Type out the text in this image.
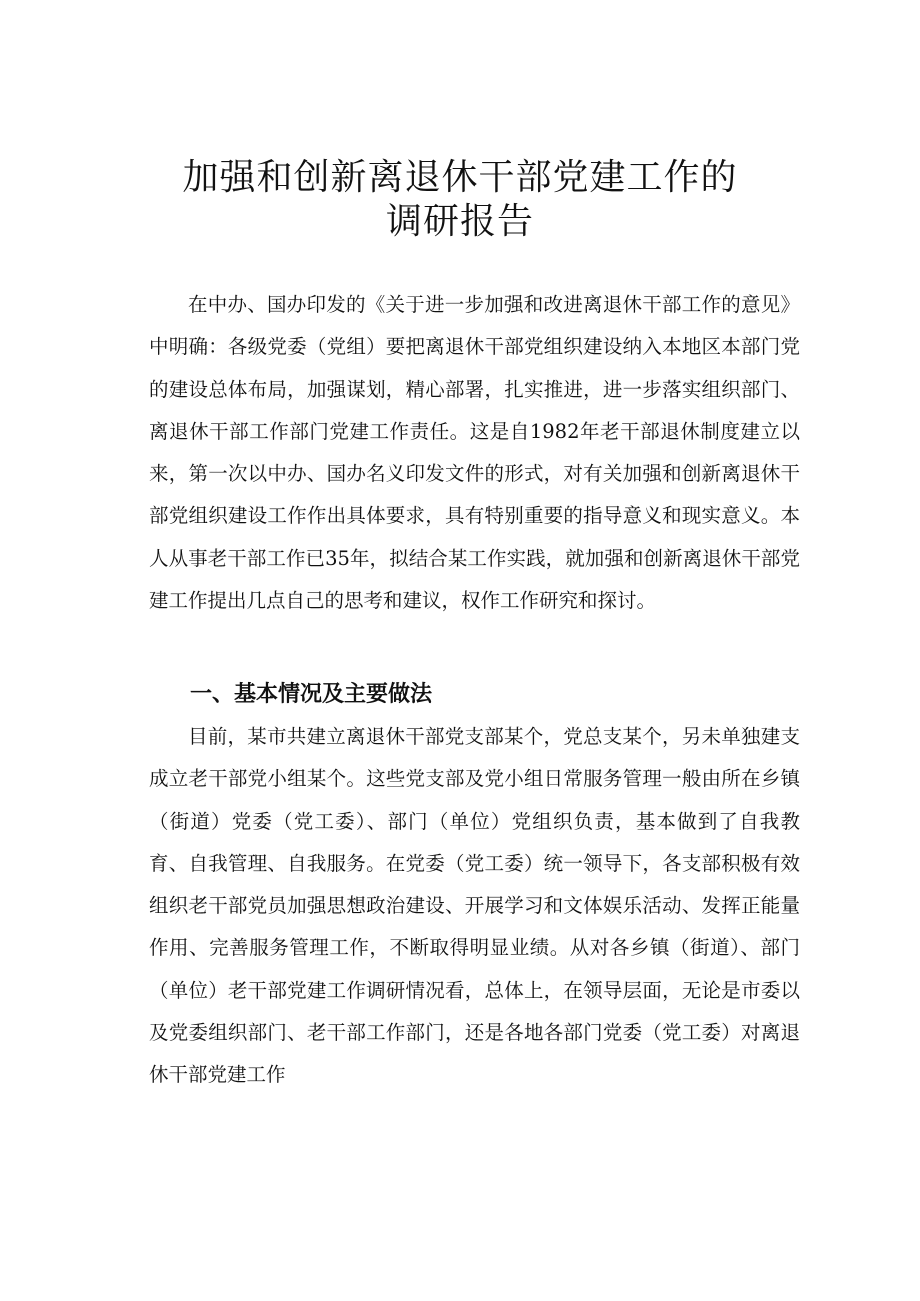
加强和创新离退休干部党建工作的
调研报告

在中办、国办印发的《关于进一步加强和改进离退休干部工作的意见》中明确：各级党委（党组）要把离退休干部党组织建设纳入本地区本部门党的建设总体布局，加强谋划，精心部署，扎实推进，进一步落实组织部门、离退休干部工作部门党建工作责任。这是自1982年老干部退休制度建立以来，第一次以中办、国办名义印发文件的形式，对有关加强和创新离退休干部党组织建设工作作出具体要求，具有特别重要的指导意义和现实意义。本人从事老干部工作已35年，拟结合某工作实践，就加强和创新离退休干部党建工作提出几点自己的思考和建议，权作工作研究和探讨。

一、基本情况及主要做法

目前，某市共建立离退休干部党支部某个，党总支某个，另未单独建支成立老干部党小组某个。这些党支部及党小组日常服务管理一般由所在乡镇（街道）党委（党工委）、部门（单位）党组织负责，基本做到了自我教育、自我管理、自我服务。在党委（党工委）统一领导下，各支部积极有效组织老干部党员加强思想政治建设、开展学习和文体娱乐活动、发挥正能量作用、完善服务管理工作，不断取得明显业绩。从对各乡镇（街道）、部门（单位）老干部党建工作调研情况看，总体上，在领导层面，无论是市委以及党委组织部门、老干部工作部门，还是各地各部门党委（党工委）对离退休干部党建工作
